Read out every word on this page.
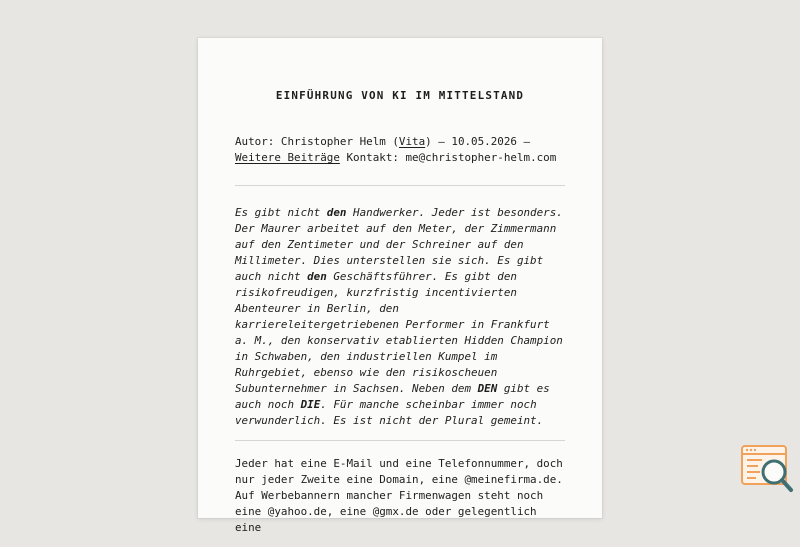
EINFÜHRUNG VON KI IM MITTELSTAND
Autor: Christopher Helm (Vita) – 10.05.2026 – Weitere Beiträge Kontakt: me@christopher-helm.com

Es gibt nicht den Handwerker. Jeder ist besonders. Der Maurer arbeitet auf den Meter, der Zimmermann auf den Zentimeter und der Schreiner auf den Millimeter. Dies unterstellen sie sich. Es gibt auch nicht den Geschäftsführer. Es gibt den risikofreudigen, kurzfristig incentivierten Abenteurer in Berlin, den karriereleitergetriebenen Performer in Frankfurt a. M., den konservativ etablierten Hidden Champion in Schwaben, den industriellen Kumpel im Ruhrgebiet, ebenso wie den risikoscheuen Subunternehmer in Sachsen. Neben dem DEN gibt es auch noch DIE. Für manche scheinbar immer noch verwunderlich. Es ist nicht der Plural gemeint.

Jeder hat eine E-Mail und eine Telefonnummer, doch nur jeder Zweite eine Domain, eine @meinefirma.de. Auf Werbebannern mancher Firmenwagen steht noch eine @yahoo.de, eine @gmx.de oder gelegentlich eine
